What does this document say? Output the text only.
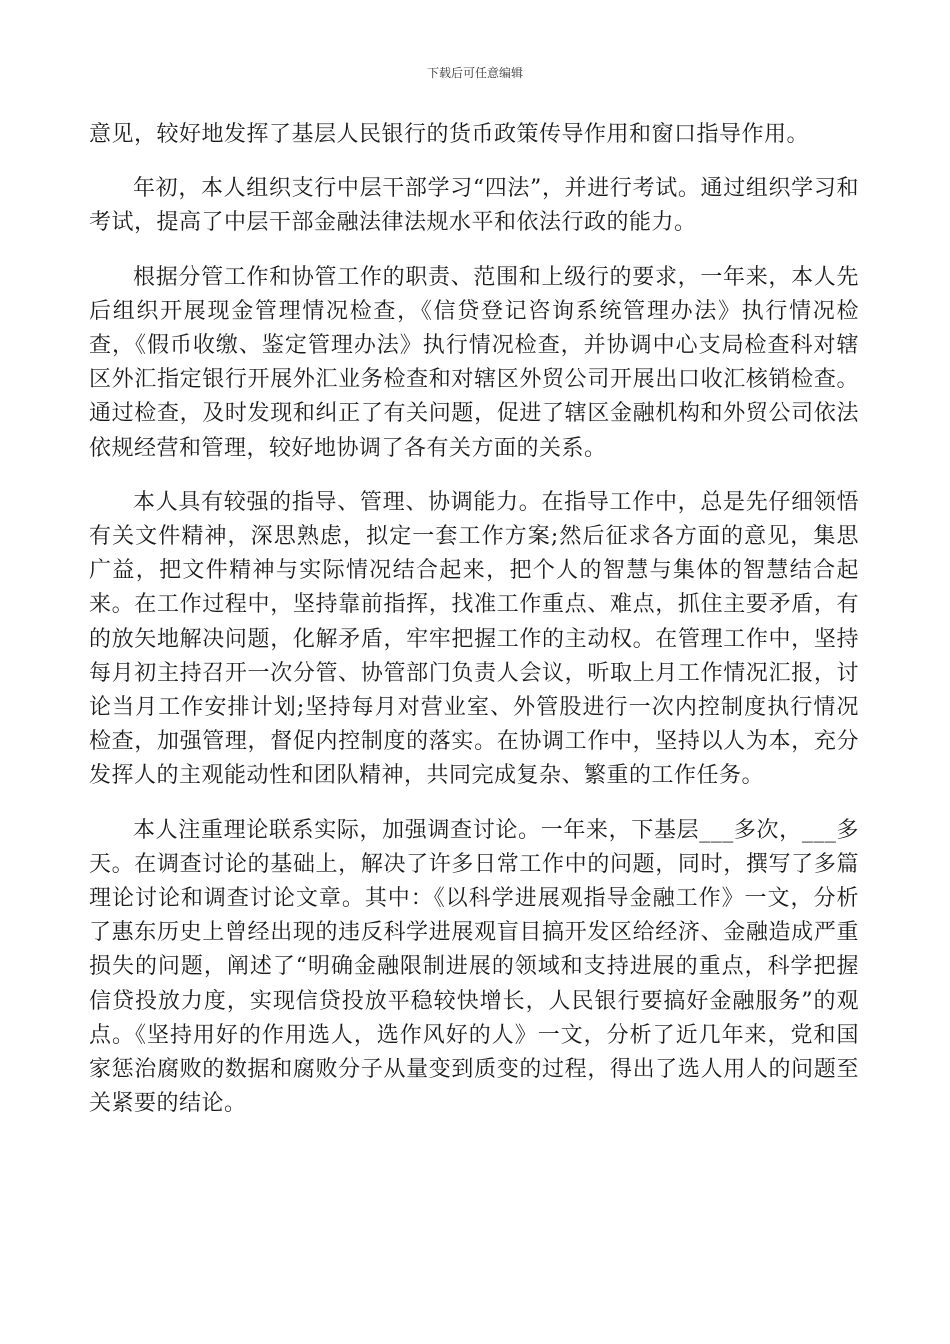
下载后可任意编辑

意见，较好地发挥了基层人民银行的货币政策传导作用和窗口指导作用。

年初，本人组织支行中层干部学习“四法”，并进行考试。通过组织学习和考试，提高了中层干部金融法律法规水平和依法行政的能力。

根据分管工作和协管工作的职责、范围和上级行的要求，一年来，本人先后组织开展现金管理情况检查，《信贷登记咨询系统管理办法》执行情况检查，《假币收缴、鉴定管理办法》执行情况检查，并协调中心支局检查科对辖区外汇指定银行开展外汇业务检查和对辖区外贸公司开展出口收汇核销检查。通过检查，及时发现和纠正了有关问题，促进了辖区金融机构和外贸公司依法依规经营和管理，较好地协调了各有关方面的关系。

本人具有较强的指导、管理、协调能力。在指导工作中，总是先仔细领悟有关文件精神，深思熟虑，拟定一套工作方案;然后征求各方面的意见，集思广益，把文件精神与实际情况结合起来，把个人的智慧与集体的智慧结合起来。在工作过程中，坚持靠前指挥，找准工作重点、难点，抓住主要矛盾，有的放矢地解决问题，化解矛盾，牢牢把握工作的主动权。在管理工作中，坚持每月初主持召开一次分管、协管部门负责人会议，听取上月工作情况汇报，讨论当月工作安排计划;坚持每月对营业室、外管股进行一次内控制度执行情况检查，加强管理，督促内控制度的落实。在协调工作中，坚持以人为本，充分发挥人的主观能动性和团队精神，共同完成复杂、繁重的工作任务。

本人注重理论联系实际，加强调查讨论。一年来，下基层___多次，___多天。在调查讨论的基础上，解决了许多日常工作中的问题，同时，撰写了多篇理论讨论和调查讨论文章。其中：《以科学进展观指导金融工作》一文，分析了惠东历史上曾经出现的违反科学进展观盲目搞开发区给经济、金融造成严重损失的问题，阐述了“明确金融限制进展的领域和支持进展的重点，科学把握信贷投放力度，实现信贷投放平稳较快增长，人民银行要搞好金融服务”的观点。《坚持用好的作用选人，选作风好的人》一文，分析了近几年来，党和国家惩治腐败的数据和腐败分子从量变到质变的过程，得出了选人用人的问题至关紧要的结论。
